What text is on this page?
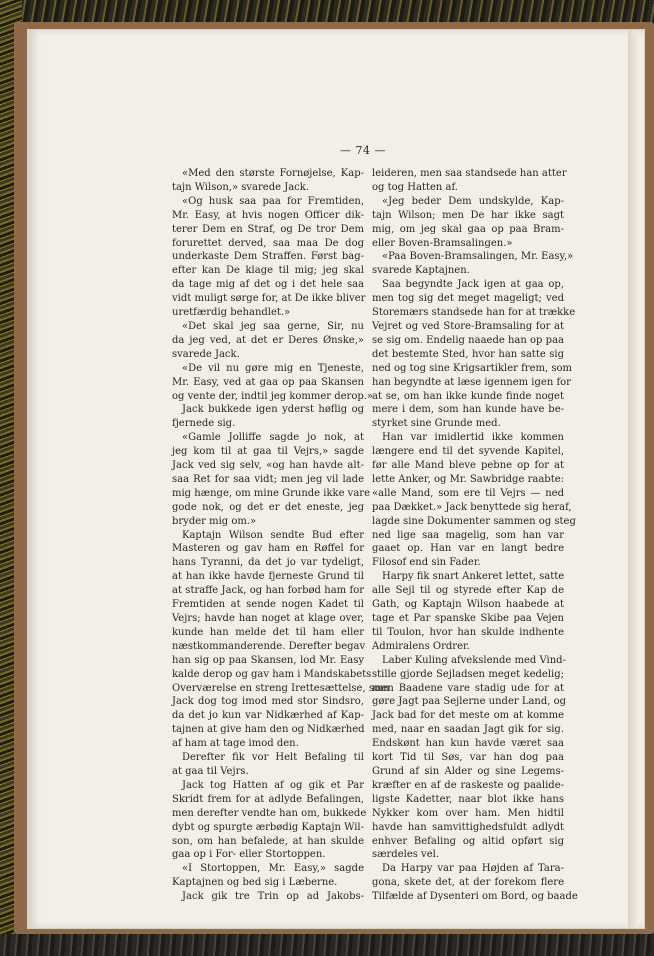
— 74 —
«Med den største Fornøjelse, Kap-
tajn Wilson,» svarede Jack.
«Og husk saa paa for Fremtiden,
Mr. Easy, at hvis nogen Officer dik-
terer Dem en Straf, og De tror Dem
forurettet derved, saa maa De dog
underkaste Dem Straffen. Først bag-
efter kan De klage til mig; jeg skal
da tage mig af det og i det hele saa
vidt muligt sørge for, at De ikke bliver
uretfærdig behandlet.»
«Det skal jeg saa gerne, Sir, nu
da jeg ved, at det er Deres Ønske,»
svarede Jack.
«De vil nu gøre mig en Tjeneste,
Mr. Easy, ved at gaa op paa Skansen
og vente der, indtil jeg kommer derop.»
Jack bukkede igen yderst høflig og
fjernede sig.
«Gamle Jolliffe sagde jo nok, at
jeg kom til at gaa til Vejrs,» sagde
Jack ved sig selv, «og han havde alt-
saa Ret for saa vidt; men jeg vil lade
mig hænge, om mine Grunde ikke vare
gode nok, og det er det eneste, jeg
bryder mig om.»
Kaptajn Wilson sendte Bud efter
Masteren og gav ham en Røffel for
hans Tyranni, da det jo var tydeligt,
at han ikke havde fjerneste Grund til
at straffe Jack, og han forbød ham for
Fremtiden at sende nogen Kadet til
Vejrs; havde han noget at klage over,
kunde han melde det til ham eller
næstkommanderende. Derefter begav
han sig op paa Skansen, lod Mr. Easy
kalde derop og gav ham i Mandskabets
Overværelse en streng Irettesættelse, som
Jack dog tog imod med stor Sindsro,
da det jo kun var Nidkærhed af Kap-
tajnen at give ham den og Nidkærhed
af ham at tage imod den.
Derefter fik vor Helt Befaling til
at gaa til Vejrs.
Jack tog Hatten af og gik et Par
Skridt frem for at adlyde Befalingen,
men derefter vendte han om, bukkede
dybt og spurgte ærbødig Kaptajn Wil-
son, om han befalede, at han skulde
gaa op i For- eller Stortoppen.
«I Stortoppen, Mr. Easy,» sagde
Kaptajnen og bed sig i Læberne.
Jack gik tre Trin op ad Jakobs-
leideren, men saa standsede han atter
og tog Hatten af.
«Jeg beder Dem undskylde, Kap-
tajn Wilson; men De har ikke sagt
mig, om jeg skal gaa op paa Bram-
eller Boven-Bramsalingen.»
«Paa Boven-Bramsalingen, Mr. Easy,»
svarede Kaptajnen.
Saa begyndte Jack igen at gaa op,
men tog sig det meget mageligt; ved
Storemærs standsede han for at trække
Vejret og ved Store-Bramsaling for at
se sig om. Endelig naaede han op paa
det bestemte Sted, hvor han satte sig
ned og tog sine Krigsartikler frem, som
han begyndte at læse igennem igen for
at se, om han ikke kunde finde noget
mere i dem, som han kunde have be-
styrket sine Grunde med.
Han var imidlertid ikke kommen
længere end til det syvende Kapitel,
før alle Mand bleve pebne op for at
lette Anker, og Mr. Sawbridge raabte:
«alle Mand, som ere til Vejrs — ned
paa Dækket.» Jack benyttede sig heraf,
lagde sine Dokumenter sammen og steg
ned lige saa magelig, som han var
gaaet op. Han var en langt bedre
Filosof end sin Fader.
Harpy fik snart Ankeret lettet, satte
alle Sejl til og styrede efter Kap de
Gath, og Kaptajn Wilson haabede at
tage et Par spanske Skibe paa Vejen
til Toulon, hvor han skulde indhente
Admiralens Ordrer.
Laber Kuling afvekslende med Vind-
stille gjorde Sejladsen meget kedelig;
men Baadene vare stadig ude for at
gøre Jagt paa Sejlerne under Land, og
Jack bad for det meste om at komme
med, naar en saadan Jagt gik for sig.
Endskønt han kun havde været saa
kort Tid til Søs, var han dog paa
Grund af sin Alder og sine Legems-
kræfter en af de raskeste og paalide-
ligste Kadetter, naar blot ikke hans
Nykker kom over ham. Men hidtil
havde han samvittighedsfuldt adlydt
enhver Befaling og altid opført sig
særdeles vel.
Da Harpy var paa Højden af Tara-
gona, skete det, at der forekom flere
Tilfælde af Dysenteri om Bord, og baade
